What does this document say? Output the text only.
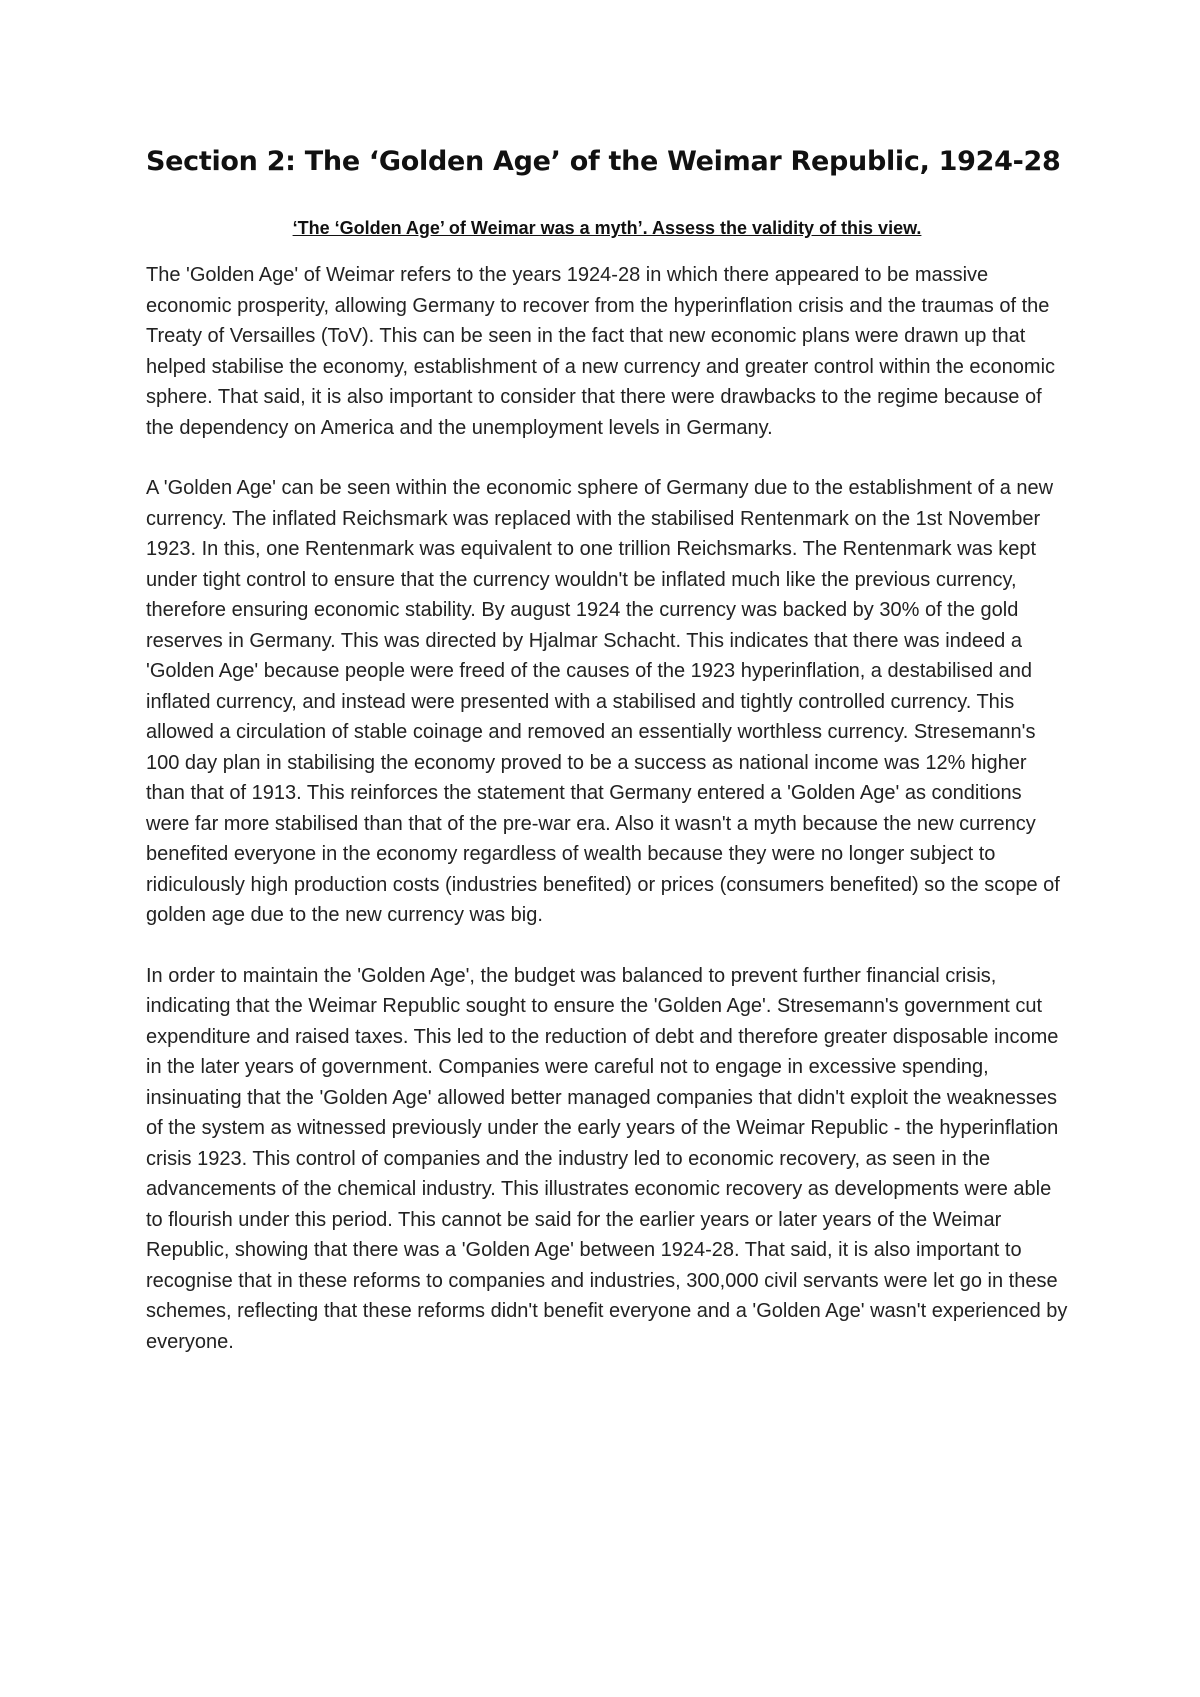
Section 2: The ‘Golden Age’ of the Weimar Republic, 1924-28

‘The ‘Golden Age’ of Weimar was a myth’. Assess the validity of this view.

The 'Golden Age' of Weimar refers to the years 1924-28 in which there appeared to be massive economic prosperity, allowing Germany to recover from the hyperinflation crisis and the traumas of the Treaty of Versailles (ToV). This can be seen in the fact that new economic plans were drawn up that helped stabilise the economy, establishment of a new currency and greater control within the economic sphere. That said, it is also important to consider that there were drawbacks to the regime because of the dependency on America and the unemployment levels in Germany.

A 'Golden Age' can be seen within the economic sphere of Germany due to the establishment of a new currency. The inflated Reichsmark was replaced with the stabilised Rentenmark on the 1st November 1923. In this, one Rentenmark was equivalent to one trillion Reichsmarks. The Rentenmark was kept under tight control to ensure that the currency wouldn't be inflated much like the previous currency, therefore ensuring economic stability. By august 1924 the currency was backed by 30% of the gold reserves in Germany. This was directed by Hjalmar Schacht. This indicates that there was indeed a 'Golden Age' because people were freed of the causes of the 1923 hyperinflation, a destabilised and inflated currency, and instead were presented with a stabilised and tightly controlled currency. This allowed a circulation of stable coinage and removed an essentially worthless currency. Stresemann's 100 day plan in stabilising the economy proved to be a success as national income was 12% higher than that of 1913. This reinforces the statement that Germany entered a 'Golden Age' as conditions were far more stabilised than that of the pre-war era. Also it wasn't a myth because the new currency benefited everyone in the economy regardless of wealth because they were no longer subject to ridiculously high production costs (industries benefited) or prices (consumers benefited) so the scope of golden age due to the new currency was big.

In order to maintain the 'Golden Age', the budget was balanced to prevent further financial crisis, indicating that the Weimar Republic sought to ensure the 'Golden Age'. Stresemann's government cut expenditure and raised taxes. This led to the reduction of debt and therefore greater disposable income in the later years of government. Companies were careful not to engage in excessive spending, insinuating that the 'Golden Age' allowed better managed companies that didn't exploit the weaknesses of the system as witnessed previously under the early years of the Weimar Republic - the hyperinflation crisis 1923. This control of companies and the industry led to economic recovery, as seen in the advancements of the chemical industry. This illustrates economic recovery as developments were able to flourish under this period. This cannot be said for the earlier years or later years of the Weimar Republic, showing that there was a 'Golden Age' between 1924-28. That said, it is also important to recognise that in these reforms to companies and industries, 300,000 civil servants were let go in these schemes, reflecting that these reforms didn't benefit everyone and a 'Golden Age' wasn't experienced by everyone.
